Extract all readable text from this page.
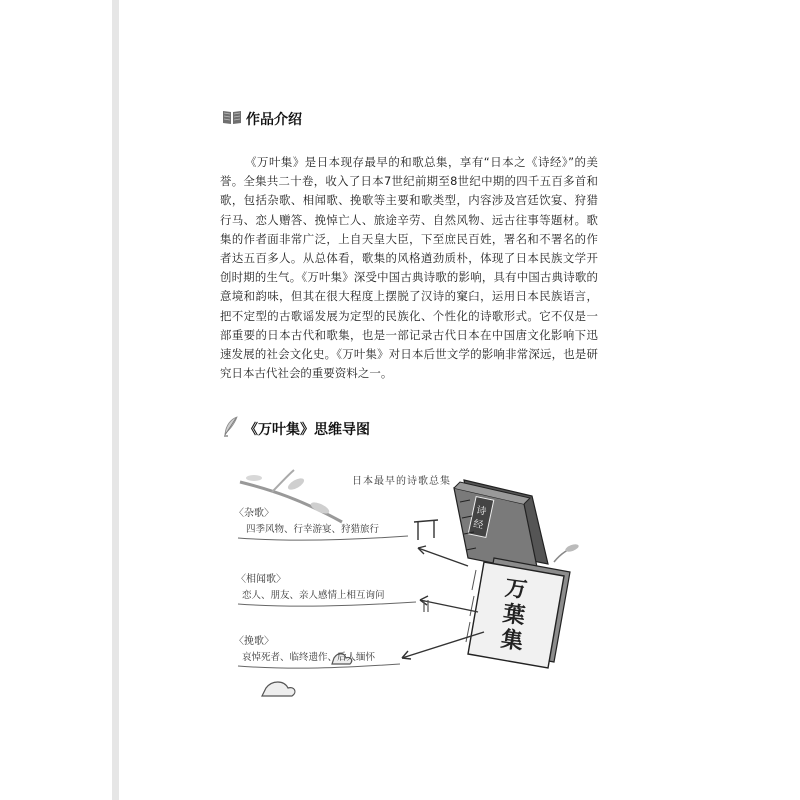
作品介绍

《万叶集》是日本现存最早的和歌总集，享有“日本之《诗经》”的美誉。全集共二十卷，收入了日本7世纪前期至8世纪中期的四千五百多首和歌，包括杂歌、相闻歌、挽歌等主要和歌类型，内容涉及宫廷饮宴、狩猎行马、恋人赠答、挽悼亡人、旅途辛劳、自然风物、远古往事等题材。歌集的作者面非常广泛，上自天皇大臣，下至庶民百姓，署名和不署名的作者达五百多人。从总体看，歌集的风格遒劲质朴，体现了日本民族文学开创时期的生气。《万叶集》深受中国古典诗歌的影响，具有中国古典诗歌的意境和韵味，但其在很大程度上摆脱了汉诗的窠臼，运用日本民族语言，把不定型的古歌谣发展为定型的民族化、个性化的诗歌形式。它不仅是一部重要的日本古代和歌集，也是一部记录古代日本在中国唐文化影响下迅速发展的社会文化史。《万叶集》对日本后世文学的影响非常深远，也是研究日本古代社会的重要资料之一。

《万叶集》思维导图
日本最早的诗歌总集
诗
经
万
葉
集
〈杂歌〉
四季风物、行幸游宴、狩猎旅行
〈相闻歌〉
恋人、朋友、亲人感情上相互询问
〈挽歌〉
哀悼死者、临终遗作、后人缅怀
